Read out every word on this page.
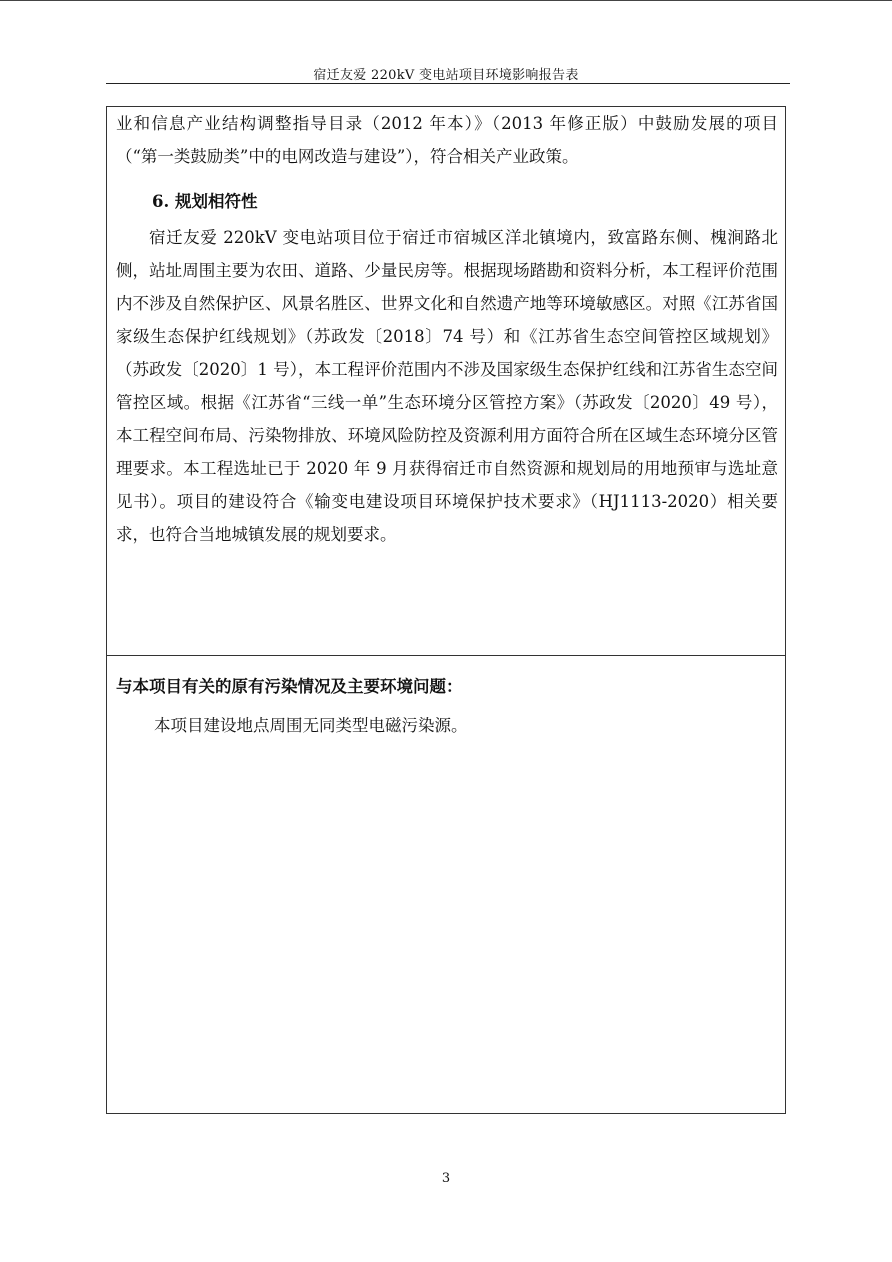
宿迁友爱 220kV 变电站项目环境影响报告表

业和信息产业结构调整指导目录（2012 年本）》（2013 年修正版）中鼓励发展的项目（“第一类鼓励类”中的电网改造与建设”），符合相关产业政策。

6. 规划相符性

宿迁友爱 220kV 变电站项目位于宿迁市宿城区洋北镇境内，致富路东侧、槐涧路北侧，站址周围主要为农田、道路、少量民房等。根据现场踏勘和资料分析，本工程评价范围内不涉及自然保护区、风景名胜区、世界文化和自然遗产地等环境敏感区。对照《江苏省国家级生态保护红线规划》（苏政发〔2018〕74 号）和《江苏省生态空间管控区域规划》（苏政发〔2020〕1 号），本工程评价范围内不涉及国家级生态保护红线和江苏省生态空间管控区域。根据《江苏省“三线一单”生态环境分区管控方案》（苏政发〔2020〕49 号），本工程空间布局、污染物排放、环境风险防控及资源利用方面符合所在区域生态环境分区管理要求。本工程选址已于 2020 年 9 月获得宿迁市自然资源和规划局的用地预审与选址意见书）。项目的建设符合《输变电建设项目环境保护技术要求》（HJ1113-2020）相关要求，也符合当地城镇发展的规划要求。

与本项目有关的原有污染情况及主要环境问题：

本项目建设地点周围无同类型电磁污染源。

3
